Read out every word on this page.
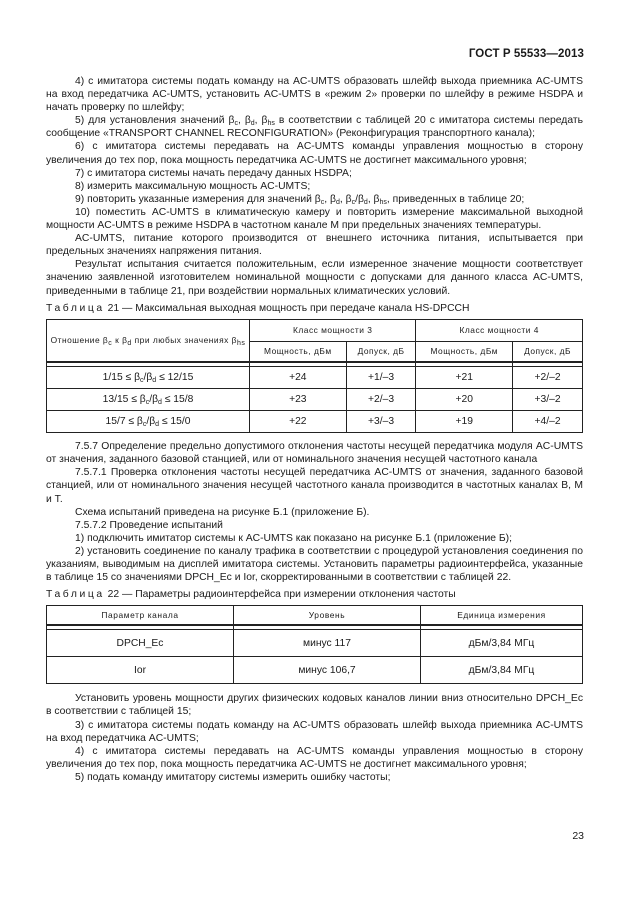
ГОСТ Р 55533—2013

4) с имитатора системы подать команду на AC-UMTS образовать шлейф выхода приемника AC-UMTS на вход передатчика AC-UMTS, установить AC-UMTS в «режим 2» проверки по шлейфу в режиме HSDPA и начать проверку по шлейфу;

5) для установления значений $\beta_c$, $\beta_d$, $\beta_{hs}$ в соответствии с таблицей 20 с имитатора системы передать сообщение «TRANSPORT CHANNEL RECONFIGURATION» (Реконфигурация транспортного канала);

6) с имитатора системы передавать на AC-UMTS команды управления мощностью в сторону увеличения до тех пор, пока мощность передатчика AC-UMTS не достигнет максимального уровня;

7) с имитатора системы начать передачу данных HSDPA;

8) измерить максимальную мощность AC-UMTS;

9) повторить указанные измерения для значений $\beta_c$, $\beta_d$, $\beta_c/\beta_d$, $\beta_{hs}$, приведенных в таблице 20;

10) поместить AC-UMTS в климатическую камеру и повторить измерение максимальной выходной мощности AC-UMTS в режиме HSDPA в частотном канале M при предельных значениях температуры.

AC-UMTS, питание которого производится от внешнего источника питания, испытывается при предельных значениях напряжения питания.

Результат испытания считается положительным, если измеренное значение мощности соответствует значению заявленной изготовителем номинальной мощности с допусками для данного класса AC-UMTS, приведенными в таблице 21, при воздействии нормальных климатических условий.

Таблица 21 — Максимальная выходная мощность при передаче канала HS-DPCCH

Отношение $\beta_c$ к $\beta_d$ при любых значениях $\beta_{hs}$	Класс мощности 3		Класс мощности 4	
	Мощность, дБм	Допуск, дБ	Мощность, дБм	Допуск, дБ

$1/15 \le \beta_c/\beta_d \le 12/15$	+24	+1/–3	+21	+2/–2
$13/15 \le \beta_c/\beta_d \le 15/8$	+23	+2/–3	+20	+3/–2
$15/7 \le \beta_c/\beta_d \le 15/0$	+22	+3/–3	+19	+4/–2

7.5.7 Определение предельно допустимого отклонения частоты несущей передатчика модуля AC-UMTS от значения, заданного базовой станцией, или от номинального значения несущей частотного канала

7.5.7.1 Проверка отклонения частоты несущей передатчика AC-UMTS от значения, заданного базовой станцией, или от номинального значения несущей частотного канала производится в частотных каналах B, M и T.

Схема испытаний приведена на рисунке Б.1 (приложение Б).

7.5.7.2 Проведение испытаний

1) подключить имитатор системы к AC-UMTS как показано на рисунке Б.1 (приложение Б);

2) установить соединение по каналу трафика в соответствии с процедурой установления соединения по указаниям, выводимым на дисплей имитатора системы. Установить параметры радиоинтерфейса, указанные в таблице 15 со значениями DPCH_Ec и Ior, скорректированными в соответствии с таблицей 22.

Таблица 22 — Параметры радиоинтерфейса при измерении отклонения частоты

Параметр канала	Уровень	Единица измерения

DPCH_Ec	минус 117	дБм/3,84 МГц
Ior	минус 106,7	дБм/3,84 МГц

Установить уровень мощности других физических кодовых каналов линии вниз относительно DPCH_Ec в соответствии с таблицей 15;

3) с имитатора системы подать команду на AC-UMTS образовать шлейф выхода приемника AC-UMTS на вход передатчика AC-UMTS;

4) с имитатора системы передавать на AC-UMTS команды управления мощностью в сторону увеличения до тех пор, пока мощность передатчика AC-UMTS не достигнет максимального уровня;

5) подать команду имитатору системы измерить ошибку частоты;

23
